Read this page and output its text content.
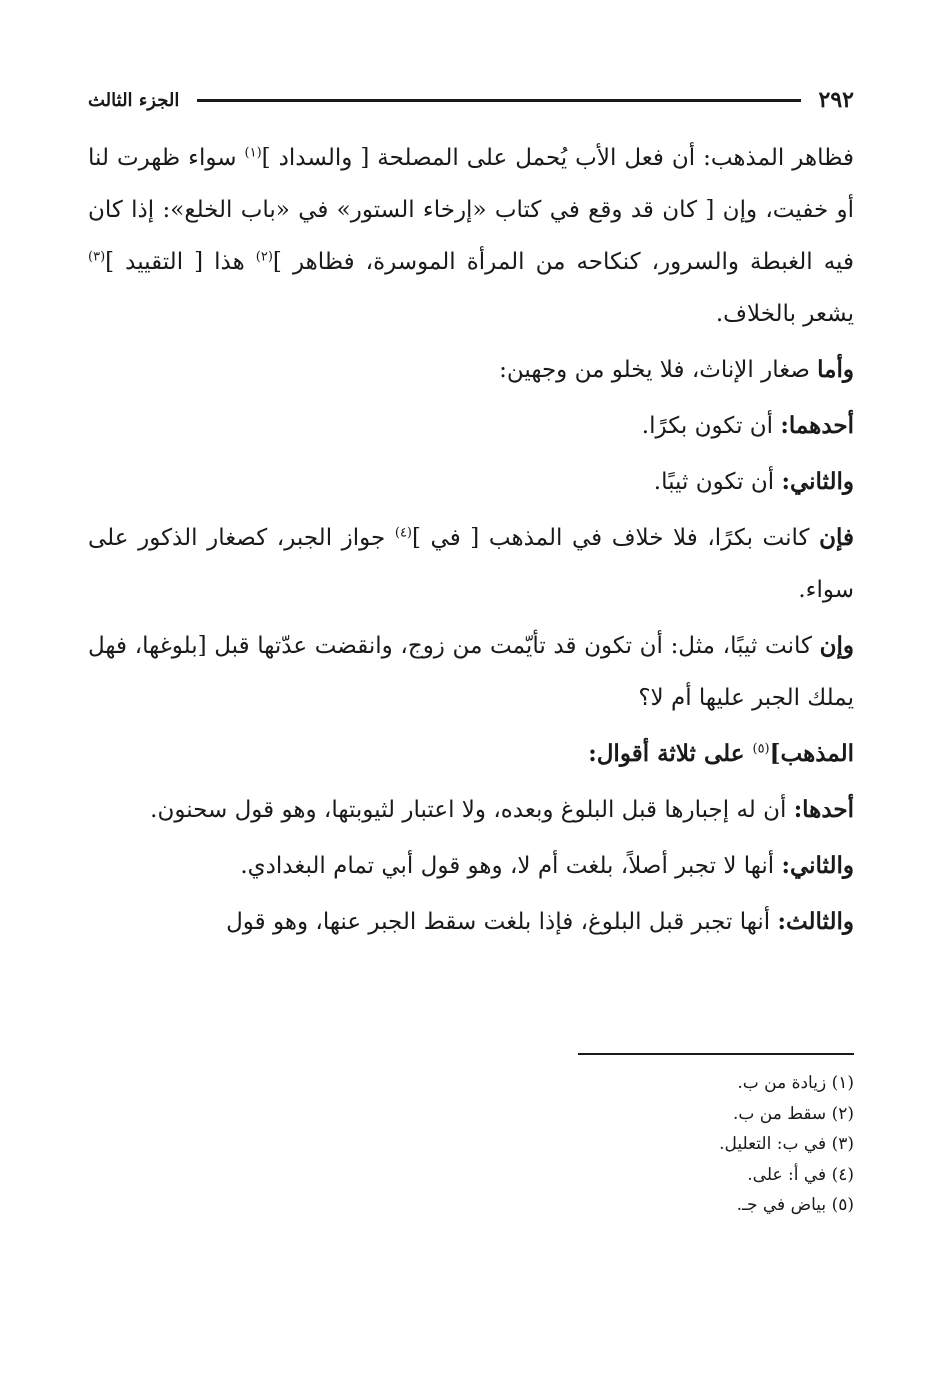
٢٩٢
الجزء الثالث

فظاهر المذهب: أن فعل الأب يُحمل على المصلحة [ والسداد ]$^{(١)}$ سواء ظهرت لنا أو خفيت، وإن [ كان قد وقع في كتاب «إرخاء الستور» في «باب الخلع»: إذا كان فيه الغبطة والسرور، كنكاحه من المرأة الموسرة، فظاهر ]$^{(٢)}$ هذا [ التقييد ]$^{(٣)}$ يشعر بالخلاف.

وأما صغار الإناث، فلا يخلو من وجهين:

أحدهما: أن تكون بكرًا.

والثاني: أن تكون ثيبًا.

فإن كانت بكرًا، فلا خلاف في المذهب [ في ]$^{(٤)}$ جواز الجبر، كصغار الذكور على سواء.

وإن كانت ثيبًا، مثل: أن تكون قد تأيّمت من زوج، وانقضت عدّتها قبل [بلوغها، فهل يملك الجبر عليها أم لا؟

المذهب]$^{(٥)}$ على ثلاثة أقوال:

أحدها: أن له إجبارها قبل البلوغ وبعده، ولا اعتبار لثيوبتها، وهو قول سحنون.

والثاني: أنها لا تجبر أصلاً، بلغت أم لا، وهو قول أبي تمام البغدادي.

والثالث: أنها تجبر قبل البلوغ، فإذا بلغت سقط الجبر عنها، وهو قول

(١) زيادة من ب.
(٢) سقط من ب.
(٣) في ب: التعليل.
(٤) في أ: على.
(٥) بياض في جـ.
